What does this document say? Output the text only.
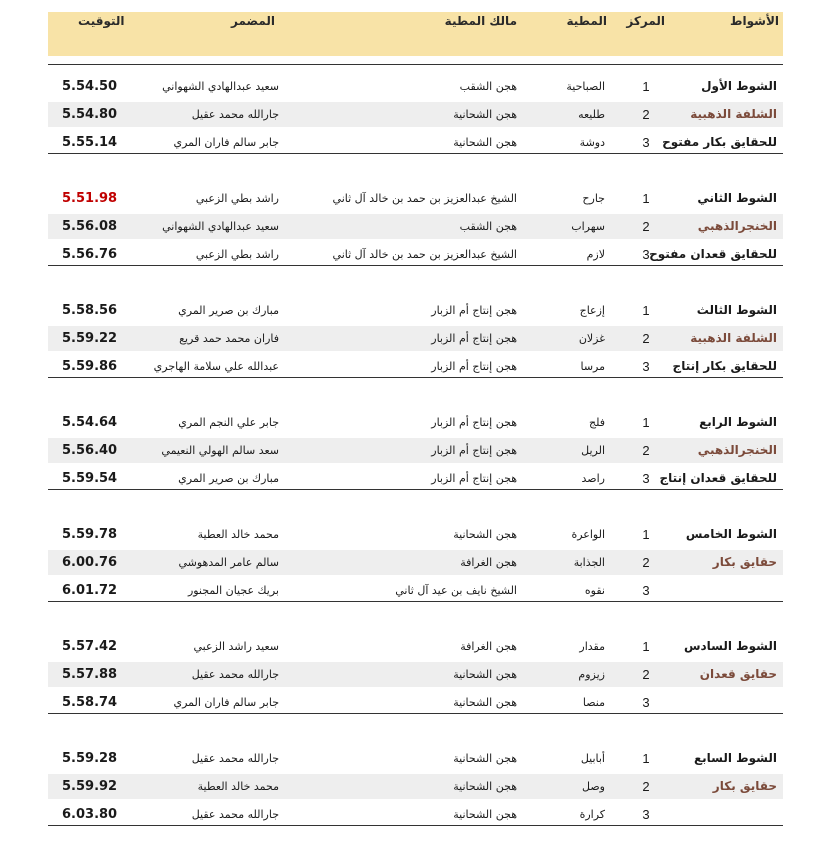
الأشواط
المركز
المطية
مالك المطية
المضمر
التوقيت
الشوط الأول
1
الصباحية
هجن الشقب
سعيد عبدالهادي الشهواني
5.54.50
الشلفة الذهبية
2
طليعه
هجن الشحانية
جارالله محمد عقيل
5.54.80
للحقايق بكار مفتوح
3
دوشة
هجن الشحانية
جابر سالم فاران المري
5.55.14
الشوط الثاني
1
جارح
الشيخ عبدالعزيز بن حمد بن خالد آل ثاني
راشد بطي الزعبي
5.51.98
الخنجرالذهبي
2
سهراب
هجن الشقب
سعيد عبدالهادي الشهواني
5.56.08
للحقايق قعدان مفتوح
3
لازم
الشيخ عبدالعزيز بن حمد بن خالد آل ثاني
راشد بطي الزعبي
5.56.76
الشوط الثالث
1
إزعاج
هجن إنتاج أم الزبار
مبارك بن صرير المري
5.58.56
الشلفة الذهبية
2
غزلان
هجن إنتاج أم الزبار
فاران محمد حمد قريع
5.59.22
للحقايق بكار إنتاج
3
مرسا
هجن إنتاج أم الزبار
عبدالله علي سلامة الهاجري
5.59.86
الشوط الرابع
1
فلج
هجن إنتاج أم الزبار
جابر علي النجم المري
5.54.64
الخنجرالذهبي
2
الريل
هجن إنتاج أم الزبار
سعد سالم الهولي النعيمي
5.56.40
للحقايق قعدان إنتاج
3
راصد
هجن إنتاج أم الزبار
مبارك بن صرير المري
5.59.54
الشوط الخامس
1
الواعرة
هجن الشحانية
محمد خالد العطية
5.59.78
حقايق بكار
2
الجذابة
هجن الغرافة
سالم عامر المدهوشي
6.00.76
3
نقوه
الشيخ نايف بن عيد آل ثاني
بريك عجيان المجنور
6.01.72
الشوط السادس
1
مقدار
هجن الغرافة
سعيد راشد الزعبي
5.57.42
حقايق قعدان
2
زيزوم
هجن الشحانية
جارالله محمد عقيل
5.57.88
3
منصا
هجن الشحانية
جابر سالم فاران المري
5.58.74
الشوط السابع
1
أبابيل
هجن الشحانية
جارالله محمد عقيل
5.59.28
حقايق بكار
2
وصل
هجن الشحانية
محمد خالد العطية
5.59.92
3
كرارة
هجن الشحانية
جارالله محمد عقيل
6.03.80
